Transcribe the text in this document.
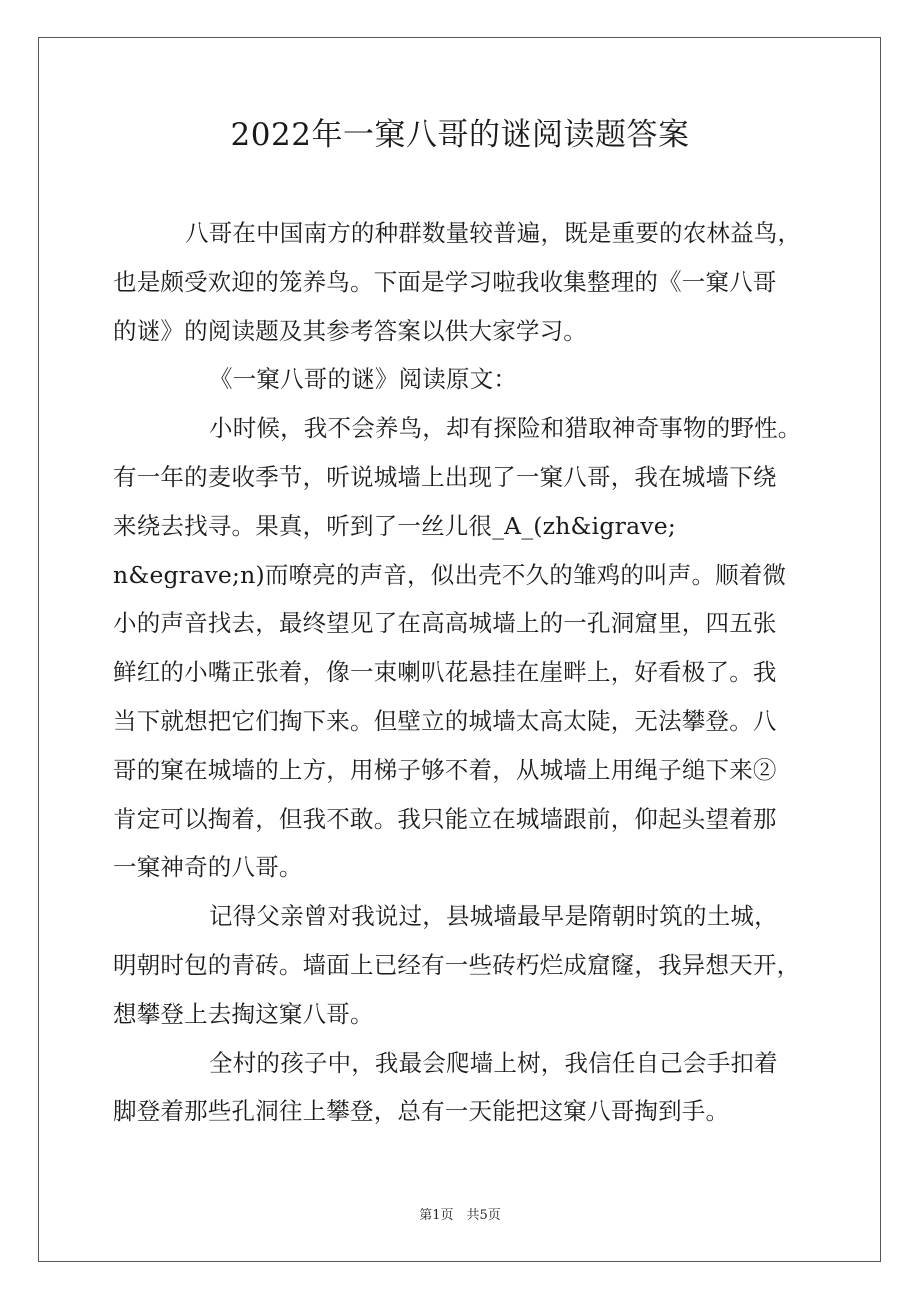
2022年一窠八哥的谜阅读题答案
八哥在中国南方的种群数量较普遍，既是重要的农林益鸟，
也是颇受欢迎的笼养鸟。下面是学习啦我收集整理的《一窠八哥
的谜》的阅读题及其参考答案以供大家学习。
《一窠八哥的谜》阅读原文：
小时候，我不会养鸟，却有探险和猎取神奇事物的野性。
有一年的麦收季节，听说城墙上出现了一窠八哥，我在城墙下绕
来绕去找寻。果真，听到了一丝儿很_A_(zh&igrave;
n&egrave;n)而嘹亮的声音，似出壳不久的雏鸡的叫声。顺着微
小的声音找去，最终望见了在高高城墙上的一孔洞窟里，四五张
鲜红的小嘴正张着，像一束喇叭花悬挂在崖畔上，好看极了。我
当下就想把它们掏下来。但壁立的城墙太高太陡，无法攀登。八
哥的窠在城墙的上方，用梯子够不着，从城墙上用绳子缒下来②
肯定可以掏着，但我不敢。我只能立在城墙跟前，仰起头望着那
一窠神奇的八哥。
记得父亲曾对我说过，县城墙最早是隋朝时筑的土城，
明朝时包的青砖。墙面上已经有一些砖朽烂成窟窿，我异想天开，
想攀登上去掏这窠八哥。
全村的孩子中，我最会爬墙上树，我信任自己会手扣着
脚登着那些孔洞往上攀登，总有一天能把这窠八哥掏到手。
第1页　共5页
